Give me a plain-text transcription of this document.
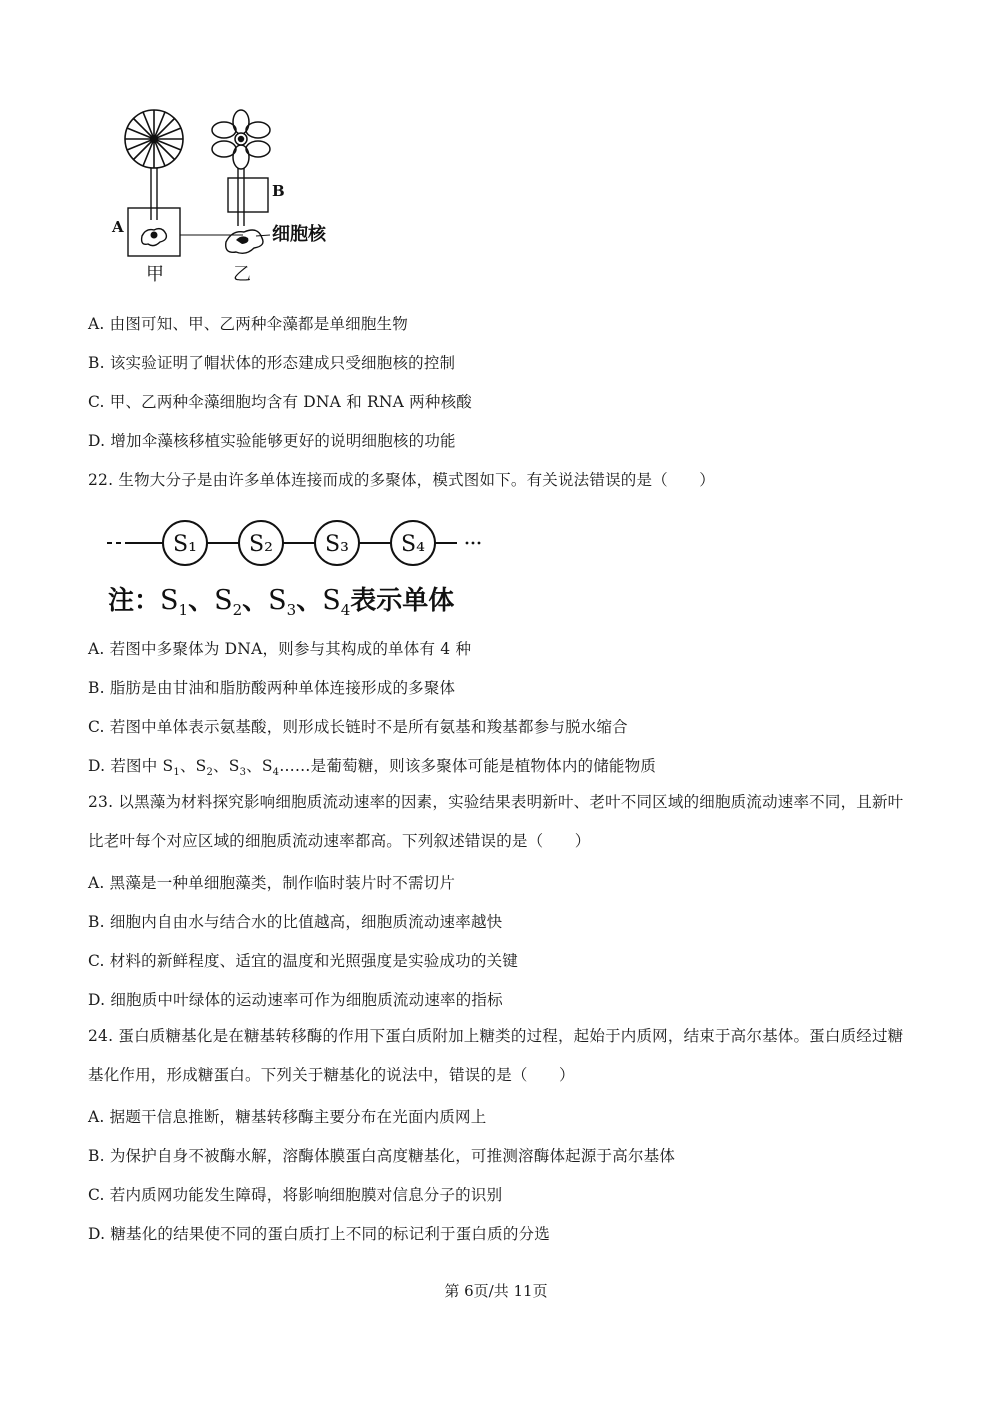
A
B
细胞核
甲	乙
A. 由图可知、甲、乙两种伞藻都是单细胞生物
B. 该实验证明了帽状体的形态建成只受细胞核的控制
C. 甲、乙两种伞藻细胞均含有 DNA 和 RNA 两种核酸
D. 增加伞藻核移植实验能够更好的说明细胞核的功能
22. 生物大分子是由许多单体连接而成的多聚体，模式图如下。有关说法错误的是（　　）
S₁ S₂ S₃ S₄
注：$S_1$、$S_2$、$S_3$、$S_4$表示单体
A. 若图中多聚体为 DNA，则参与其构成的单体有 4 种
B. 脂肪是由甘油和脂肪酸两种单体连接形成的多聚体
C. 若图中单体表示氨基酸，则形成长链时不是所有氨基和羧基都参与脱水缩合
D. 若图中 $S_1$、$S_2$、$S_3$、$S_4\dots\dots$是葡萄糖，则该多聚体可能是植物体内的储能物质
23. 以黑藻为材料探究影响细胞质流动速率的因素，实验结果表明新叶、老叶不同区域的细胞质流动速率不同，且新叶比老叶每个对应区域的细胞质流动速率都高。下列叙述错误的是（　　）
A. 黑藻是一种单细胞藻类，制作临时装片时不需切片
B. 细胞内自由水与结合水的比值越高，细胞质流动速率越快
C. 材料的新鲜程度、适宜的温度和光照强度是实验成功的关键
D. 细胞质中叶绿体的运动速率可作为细胞质流动速率的指标
24. 蛋白质糖基化是在糖基转移酶的作用下蛋白质附加上糖类的过程，起始于内质网，结束于高尔基体。蛋白质经过糖基化作用，形成糖蛋白。下列关于糖基化的说法中，错误的是（　　）
A. 据题干信息推断，糖基转移酶主要分布在光面内质网上
B. 为保护自身不被酶水解，溶酶体膜蛋白高度糖基化，可推测溶酶体起源于高尔基体
C. 若内质网功能发生障碍，将影响细胞膜对信息分子的识别
D. 糖基化的结果使不同的蛋白质打上不同的标记利于蛋白质的分选
第 6页/共 11页
